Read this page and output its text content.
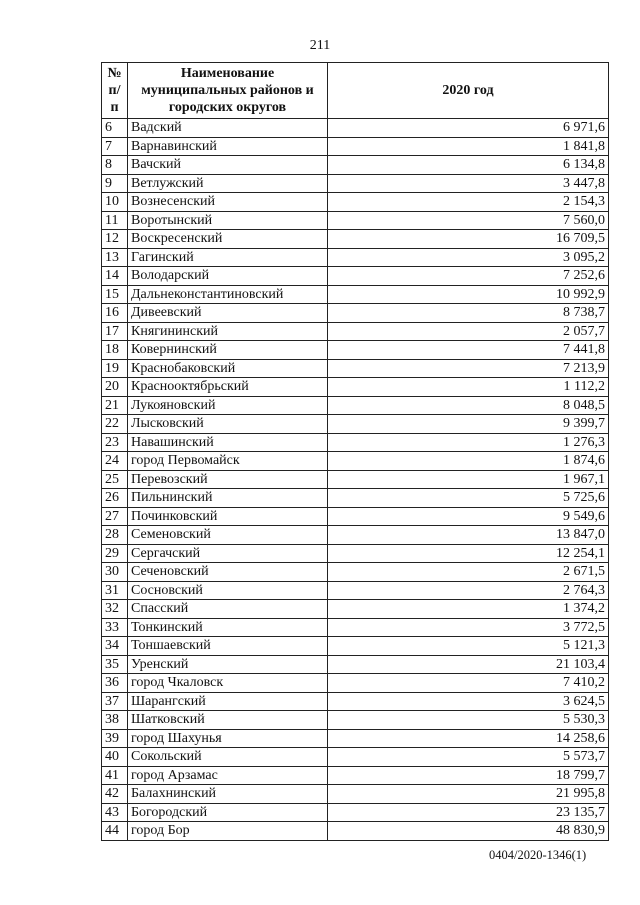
211
№ п/п	Наименование муниципальных районов и городских округов	2020 год
6	Вадский	6 971,6
7	Варнавинский	1 841,8
8	Вачский	6 134,8
9	Ветлужский	3 447,8
10	Вознесенский	2 154,3
11	Воротынский	7 560,0
12	Воскресенский	16 709,5
13	Гагинский	3 095,2
14	Володарский	7 252,6
15	Дальнеконстантиновский	10 992,9
16	Дивеевский	8 738,7
17	Княгининский	2 057,7
18	Ковернинский	7 441,8
19	Краснобаковский	7 213,9
20	Краснооктябрьский	1 112,2
21	Лукояновский	8 048,5
22	Лысковский	9 399,7
23	Навашинский	1 276,3
24	город Первомайск	1 874,6
25	Перевозский	1 967,1
26	Пильнинский	5 725,6
27	Починковский	9 549,6
28	Семеновский	13 847,0
29	Сергачский	12 254,1
30	Сеченовский	2 671,5
31	Сосновский	2 764,3
32	Спасский	1 374,2
33	Тонкинский	3 772,5
34	Тоншаевский	5 121,3
35	Уренский	21 103,4
36	город Чкаловск	7 410,2
37	Шарангский	3 624,5
38	Шатковский	5 530,3
39	город Шахунья	14 258,6
40	Сокольский	5 573,7
41	город Арзамас	18 799,7
42	Балахнинский	21 995,8
43	Богородский	23 135,7
44	город Бор	48 830,9
0404/2020-1346(1)
